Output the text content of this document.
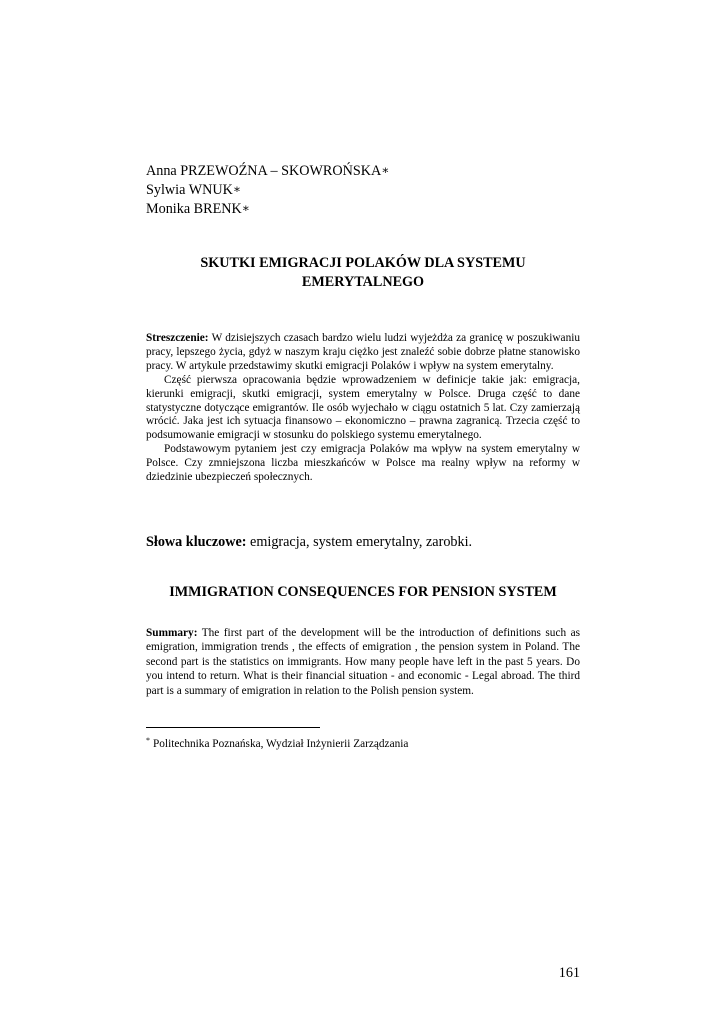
Anna PRZEWOŹNA – SKOWROŃSKA∗
Sylwia WNUK∗
Monika BRENK∗
SKUTKI EMIGRACJI POLAKÓW DLA SYSTEMU
EMERYTALNEGO

Streszczenie: W dzisiejszych czasach bardzo wielu ludzi wyjeżdża za granicę w poszukiwaniu pracy, lepszego życia, gdyż w naszym kraju ciężko jest znaleźć sobie dobrze płatne stanowisko pracy. W artykule przedstawimy skutki emigracji Polaków i wpływ na system emerytalny.

Część pierwsza opracowania będzie wprowadzeniem w definicje takie jak: emigracja, kierunki emigracji, skutki emigracji, system emerytalny w Polsce. Druga część to dane statystyczne dotyczące emigrantów. Ile osób wyjechało w ciągu ostatnich 5 lat. Czy zamierzają wrócić. Jaka jest ich sytuacja finansowo – ekonomiczno – prawna zagranicą. Trzecia część to podsumowanie emigracji w stosunku do polskiego systemu emerytalnego.

Podstawowym pytaniem jest czy emigracja Polaków ma wpływ na system emerytalny w Polsce. Czy zmniejszona liczba mieszkańców w Polsce ma realny wpływ na reformy w dziedzinie ubezpieczeń społecznych.

Słowa kluczowe: emigracja, system emerytalny, zarobki.
IMMIGRATION CONSEQUENCES FOR PENSION SYSTEM

Summary: The first part of the development will be the introduction of definitions such as emigration, immigration trends , the effects of emigration , the pension system in Poland. The second part is the statistics on immigrants. How many people have left in the past 5 years. Do you intend to return. What is their financial situation - and economic - Legal abroad. The third part is a summary of emigration in relation to the Polish pension system.

* Politechnika Poznańska, Wydział Inżynierii Zarządzania
161
